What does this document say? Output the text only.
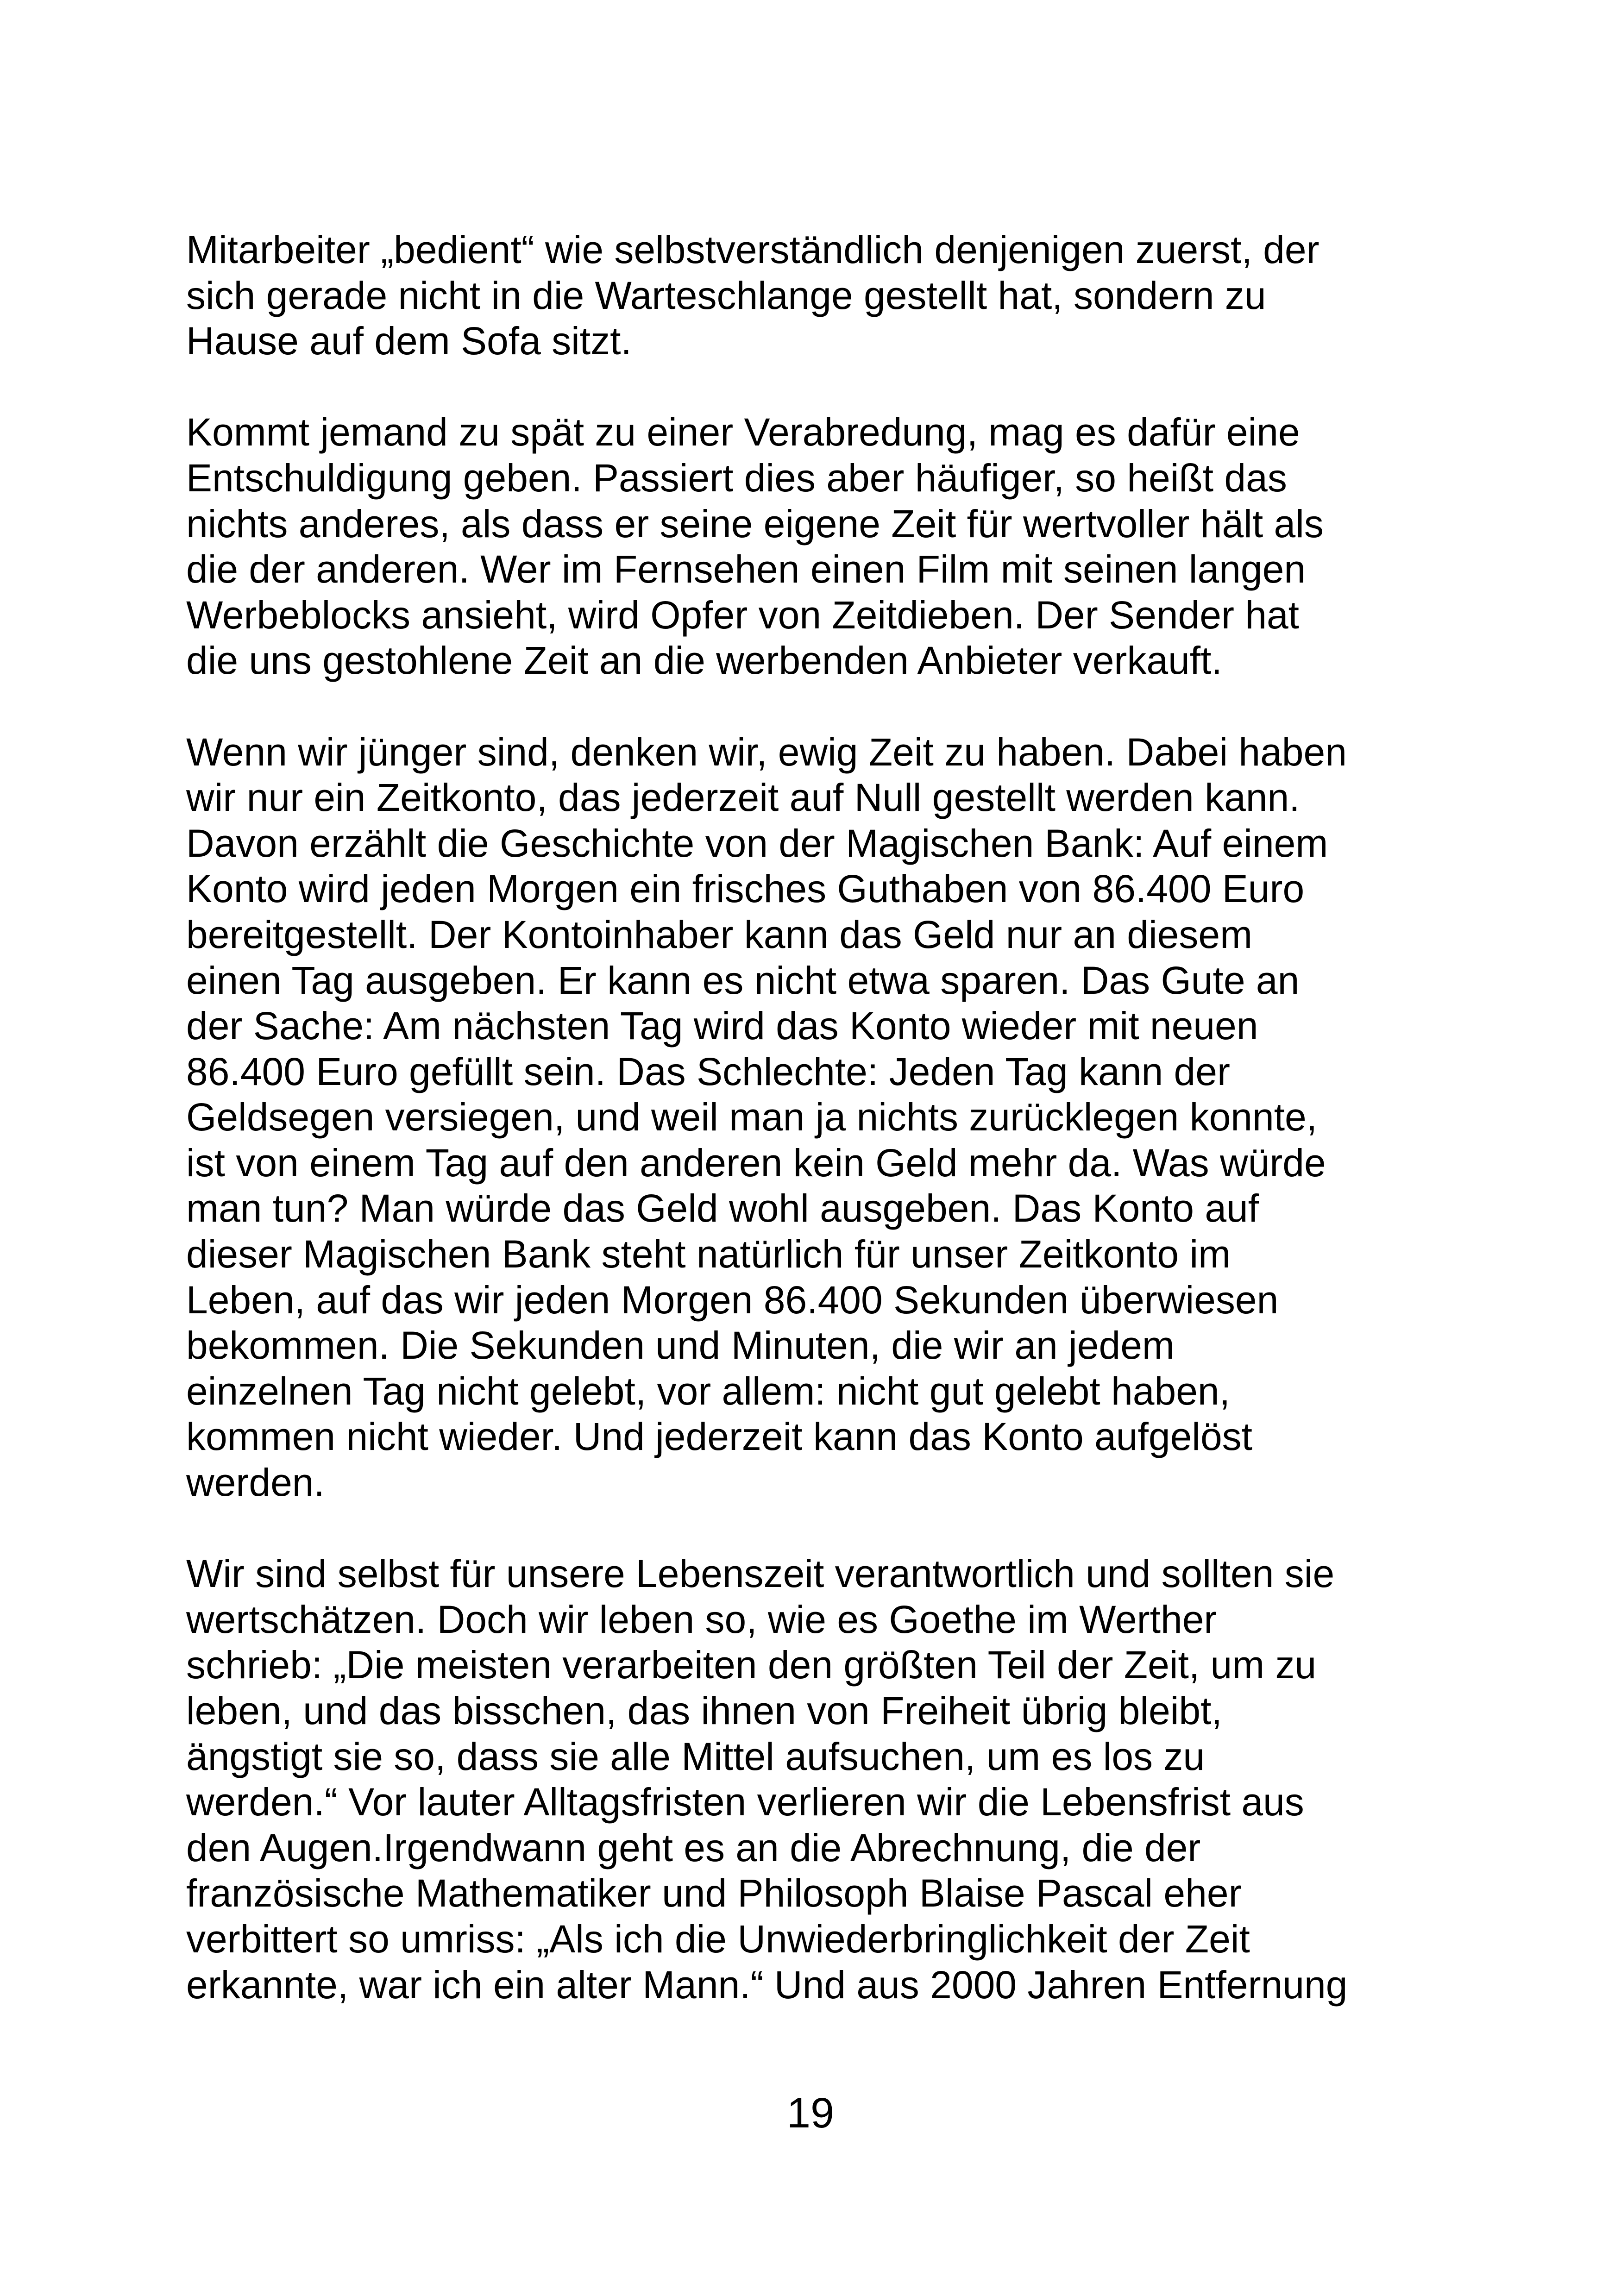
Mitarbeiter „bedient“ wie selbstverständlich denjenigen zuerst, der
sich gerade nicht in die Warteschlange gestellt hat, sondern zu
Hause auf dem Sofa sitzt.
Kommt jemand zu spät zu einer Verabredung, mag es dafür eine
Entschuldigung geben. Passiert dies aber häufiger, so heißt das
nichts anderes, als dass er seine eigene Zeit für wertvoller hält als
die der anderen. Wer im Fernsehen einen Film mit seinen langen
Werbeblocks ansieht, wird Opfer von Zeitdieben. Der Sender hat
die uns gestohlene Zeit an die werbenden Anbieter verkauft.
Wenn wir jünger sind, denken wir, ewig Zeit zu haben. Dabei haben
wir nur ein Zeitkonto, das jederzeit auf Null gestellt werden kann.
Davon erzählt die Geschichte von der Magischen Bank: Auf einem
Konto wird jeden Morgen ein frisches Guthaben von 86.400 Euro
bereitgestellt. Der Kontoinhaber kann das Geld nur an diesem
einen Tag ausgeben. Er kann es nicht etwa sparen. Das Gute an
der Sache: Am nächsten Tag wird das Konto wieder mit neuen
86.400 Euro gefüllt sein. Das Schlechte: Jeden Tag kann der
Geldsegen versiegen, und weil man ja nichts zurücklegen konnte,
ist von einem Tag auf den anderen kein Geld mehr da. Was würde
man tun? Man würde das Geld wohl ausgeben. Das Konto auf
dieser Magischen Bank steht natürlich für unser Zeitkonto im
Leben, auf das wir jeden Morgen 86.400 Sekunden überwiesen
bekommen. Die Sekunden und Minuten, die wir an jedem
einzelnen Tag nicht gelebt, vor allem: nicht gut gelebt haben,
kommen nicht wieder. Und jederzeit kann das Konto aufgelöst
werden.
Wir sind selbst für unsere Lebenszeit verantwortlich und sollten sie
wertschätzen. Doch wir leben so, wie es Goethe im Werther
schrieb: „Die meisten verarbeiten den größten Teil der Zeit, um zu
leben, und das bisschen, das ihnen von Freiheit übrig bleibt,
ängstigt sie so, dass sie alle Mittel aufsuchen, um es los zu
werden.“ Vor lauter Alltagsfristen verlieren wir die Lebensfrist aus
den Augen.Irgendwann geht es an die Abrechnung, die der
französische Mathematiker und Philosoph Blaise Pascal eher
verbittert so umriss: „Als ich die Unwiederbringlichkeit der Zeit
erkannte, war ich ein alter Mann.“ Und aus 2000 Jahren Entfernung
19
